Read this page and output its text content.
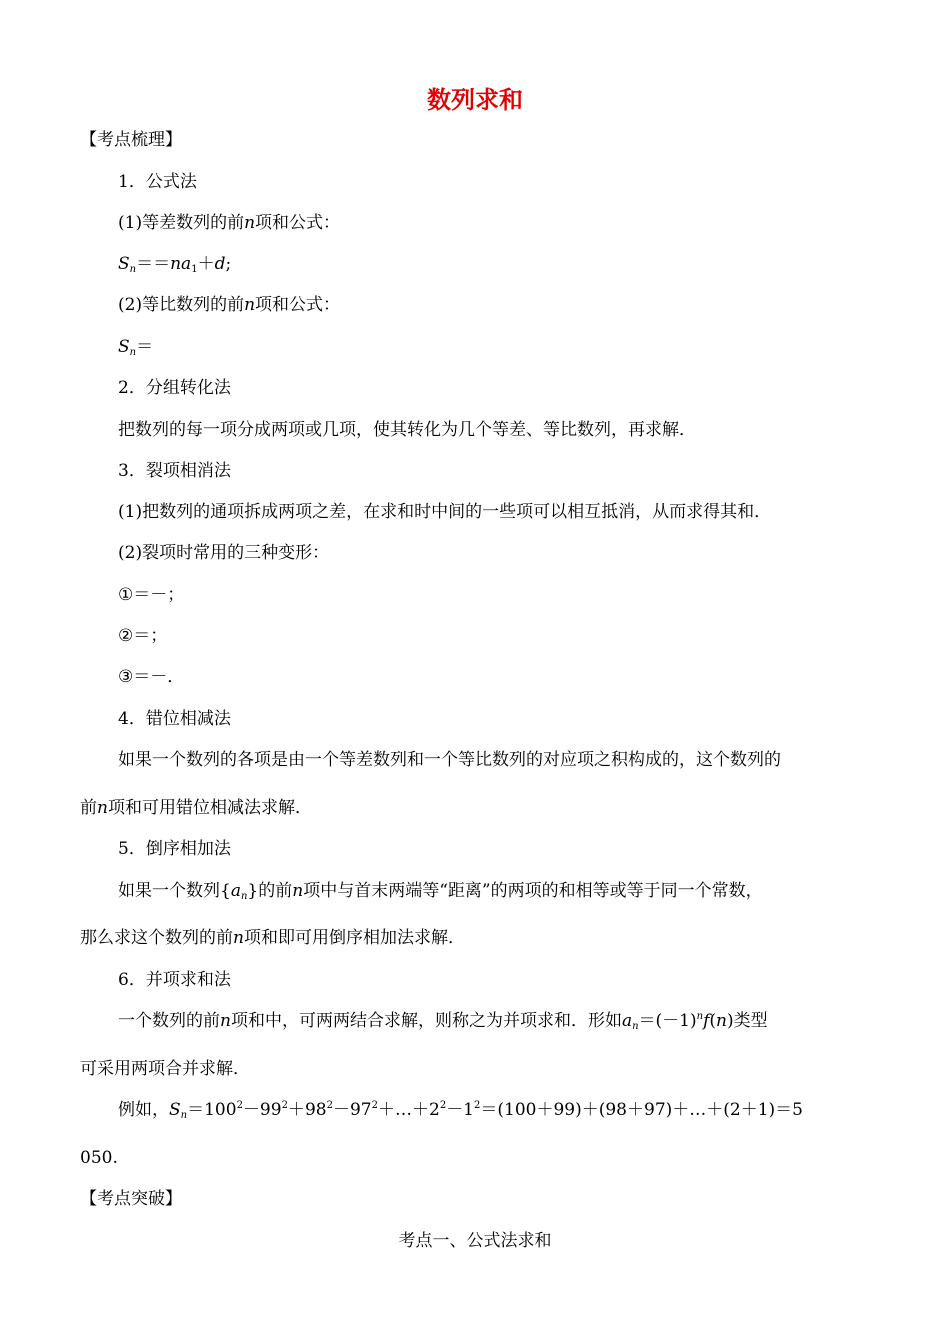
数列求和
【考点梳理】
1．公式法
(1)等差数列的前n项和公式：
$S_n==na_1+d$;
(2)等比数列的前n项和公式：
$S_n=$
2．分组转化法
把数列的每一项分成两项或几项，使其转化为几个等差、等比数列，再求解．
3．裂项相消法
(1)把数列的通项拆成两项之差，在求和时中间的一些项可以相互抵消，从而求得其和．
(2)裂项时常用的三种变形：
①＝－；
②＝；
③＝－．
4．错位相减法
如果一个数列的各项是由一个等差数列和一个等比数列的对应项之积构成的，这个数列的
前n项和可用错位相减法求解．
5．倒序相加法
如果一个数列$\{a_n\}$的前n项中与首末两端等“距离”的两项的和相等或等于同一个常数，
那么求这个数列的前n项和即可用倒序相加法求解．
6．并项求和法
一个数列的前n项和中，可两两结合求解，则称之为并项求和．形如$a_n=(-1)^nf(n)$类型
可采用两项合并求解．
例如，$S_n=100^2-99^2+98^2-97^2+\dots+2^2-1^2=(100+99)+(98+97)+\dots+(2+1)=5$
050.
【考点突破】
考点一、公式法求和
